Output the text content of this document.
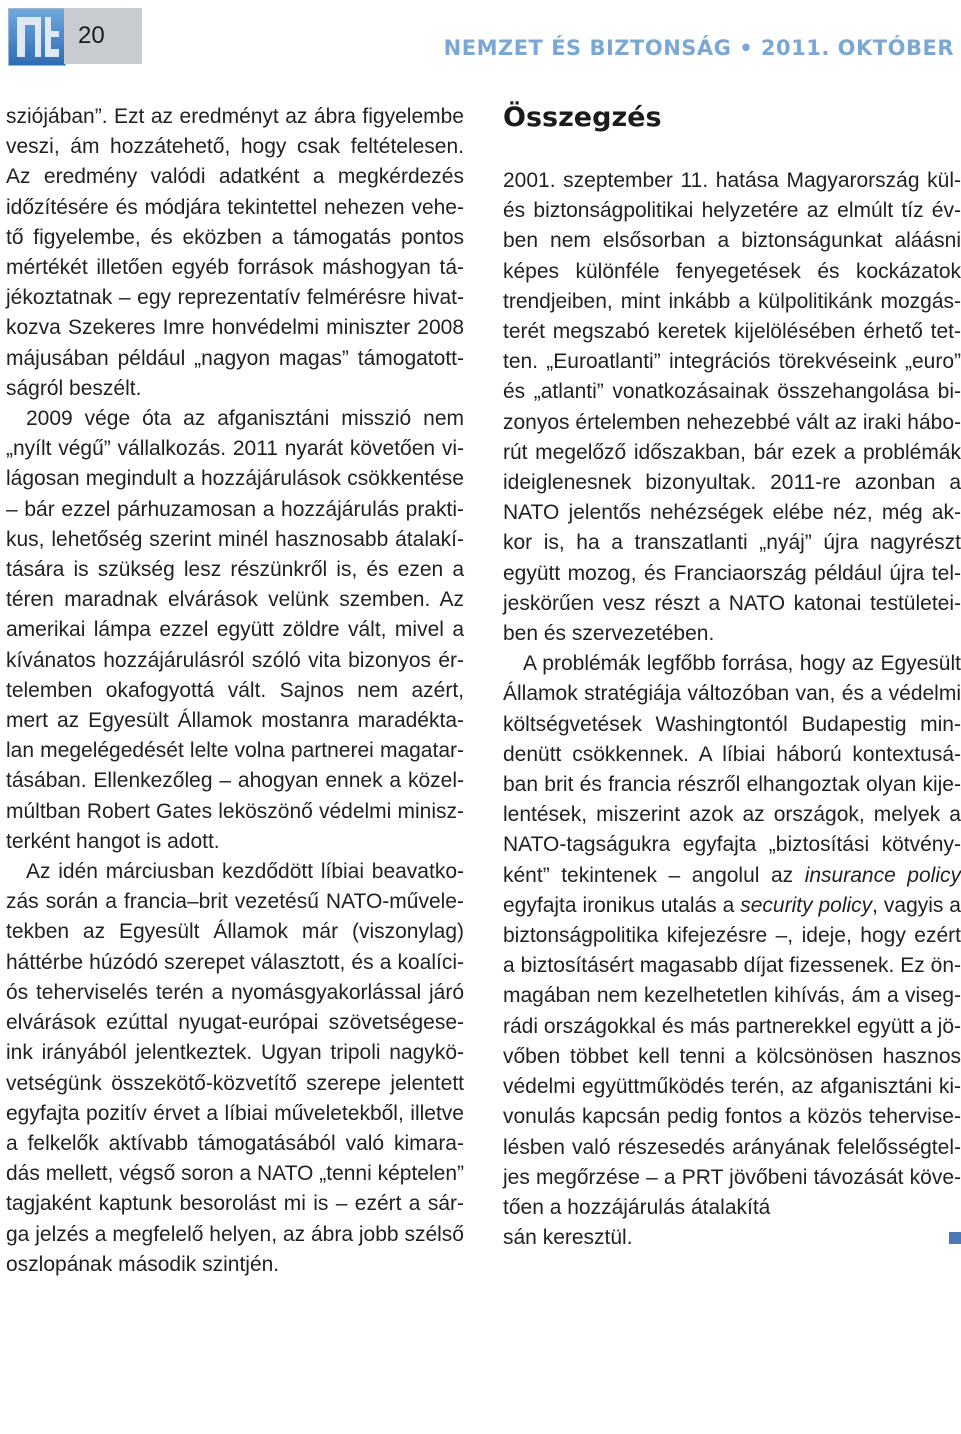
20	NEMZET ÉS BIZTONSÁG • 2011. OKTÓBER

sziójában”. Ezt az eredményt az ábra figyelembe veszi, ám hozzátehető, hogy csak feltételesen. Az eredmény valódi adatként a megkérdezés időzítésére és módjára tekintettel nehezen vehető figyelembe, és eközben a támogatás pontos mértékét illetően egyéb források máshogyan tájékoztatnak – egy reprezentatív felmérésre hivatkozva Szekeres Imre honvédelmi miniszter 2008 májusában például „nagyon magas” támogatottságról beszélt.

2009 vége óta az afganisztáni misszió nem „nyílt végű” vállalkozás. 2011 nyarát követően világosan megindult a hozzájárulások csökkentése – bár ezzel párhuzamosan a hozzájárulás praktikus, lehetőség szerint minél hasznosabb átalakítására is szükség lesz részünkről is, és ezen a téren maradnak elvárások velünk szemben. Az amerikai lámpa ezzel együtt zöldre vált, mivel a kívánatos hozzájárulásról szóló vita bizonyos értelemben okafogyottá vált. Sajnos nem azért, mert az Egyesült Államok mostanra maradéktalan megelégedését lelte volna partnerei magatartásában. Ellenkezőleg – ahogyan ennek a közelmúltban Robert Gates leköszönő védelmi miniszterként hangot is adott.

Az idén márciusban kezdődött líbiai beavatkozás során a francia–brit vezetésű NATO-műveletekben az Egyesült Államok már (viszonylag) háttérbe húzódó szerepet választott, és a koalíciós teherviselés terén a nyomásgyakorlással járó elvárások ezúttal nyugat-európai szövetségeseink irányából jelentkeztek. Ugyan tripoli nagykövetségünk összekötő-közvetítő szerepe jelentett egyfajta pozitív érvet a líbiai műveletekből, illetve a felkelők aktívabb támogatásából való kimaradás mellett, végső soron a NATO „tenni képtelen” tagjaként kaptunk besorolást mi is – ezért a sárga jelzés a megfelelő helyen, az ábra jobb szélső oszlopának második szintjén.

Összegzés

2001. szeptember 11. hatása Magyarország kül- és biztonságpolitikai helyzetére az elmúlt tíz évben nem elsősorban a biztonságunkat aláásni képes különféle fenyegetések és kockázatok trendjeiben, mint inkább a külpolitikánk mozgásterét megszabó keretek kijelölésében érhető tetten. „Euroatlanti” integrációs törekvéseink „euro” és „atlanti” vonatkozásainak összehangolása bizonyos értelemben nehezebbé vált az iraki háborút megelőző időszakban, bár ezek a problémák ideiglenesnek bizonyultak. 2011-re azonban a NATO jelentős nehézségek elébe néz, még akkor is, ha a transzatlanti „nyáj” újra nagyrészt együtt mozog, és Franciaország például újra teljeskörűen vesz részt a NATO katonai testületeiben és szervezetében.

A problémák legfőbb forrása, hogy az Egyesült Államok stratégiája változóban van, és a védelmi költségvetések Washingtontól Budapestig mindenütt csökkennek. A líbiai háború kontextusában brit és francia részről elhangoztak olyan kijelentések, miszerint azok az országok, melyek a NATO-tagságukra egyfajta „biztosítási kötvényként” tekintenek – angolul az insurance policy egyfajta ironikus utalás a security policy, vagyis a biztonságpolitika kifejezésre –, ideje, hogy ezért a biztosításért magasabb díjat fizessenek. Ez önmagában nem kezelhetetlen kihívás, ám a visegrádi országokkal és más partnerekkel együtt a jövőben többet kell tenni a kölcsönösen hasznos védelmi együttműködés terén, az afganisztáni kivonulás kapcsán pedig fontos a közös teherviselésben való részesedés arányának felelősségteljes megőrzése – a PRT jövőbeni távozását követően a hozzájárulás átalakítá

sán keresztül.
